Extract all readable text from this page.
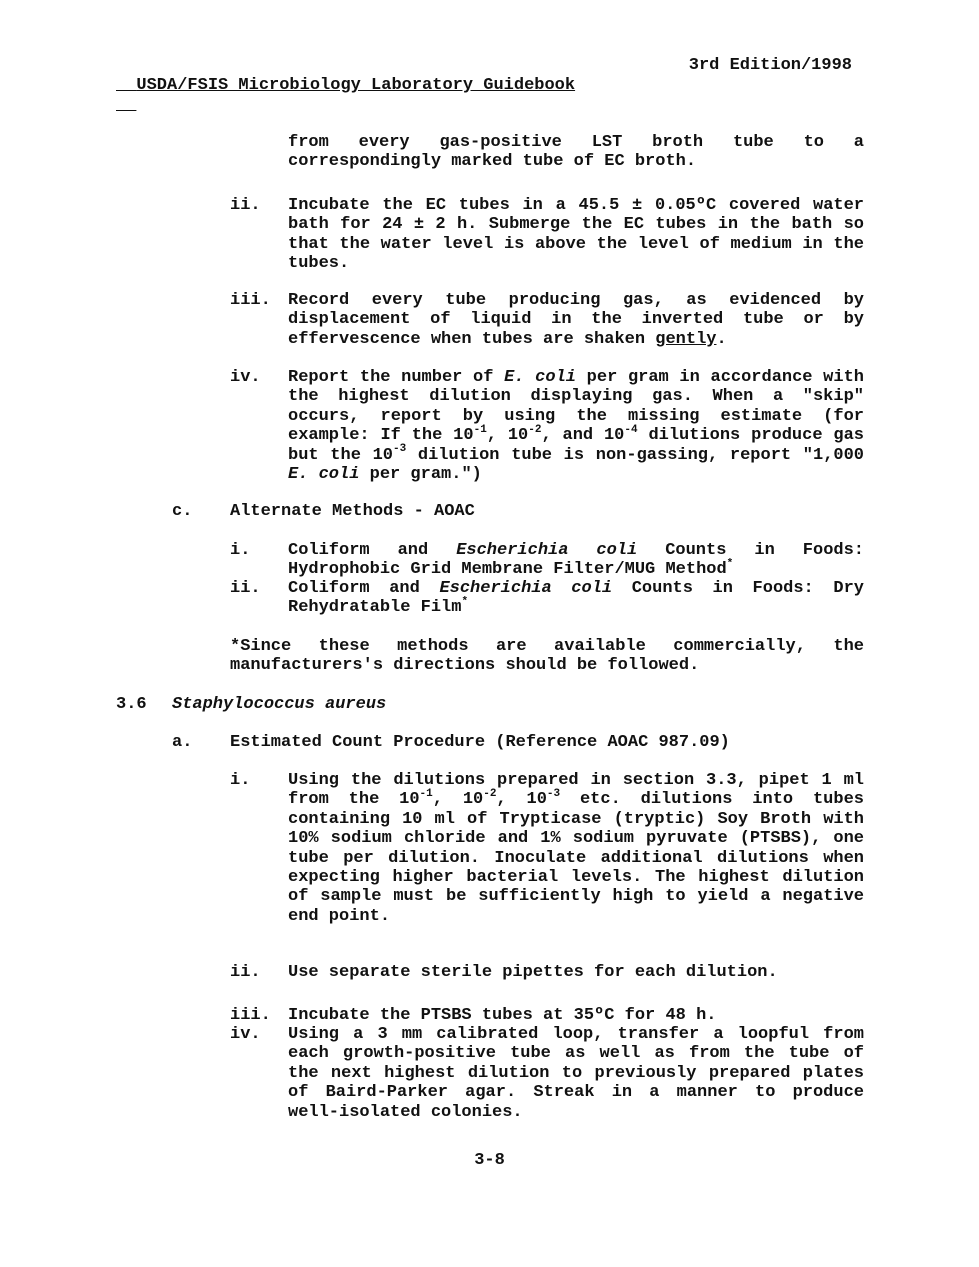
USDA/FSIS Microbiology Laboratory Guidebook

3rd Edition/1998

from every gas-positive LST broth tube to a correspondingly marked tube of EC broth.
ii. Incubate the EC tubes in a 45.5 ± 0.05ºC covered water bath for 24 ± 2 h. Submerge the EC tubes in the bath so that the water level is above the level of medium in the tubes.
iii. Record every tube producing gas, as evidenced by displacement of liquid in the inverted tube or by effervescence when tubes are shaken gently.
iv. Report the number of E. coli per gram in accordance with the highest dilution displaying gas. When a "skip" occurs, report by using the missing estimate (for example: If the $10^{-1}$, $10^{-2}$, and $10^{-4}$ dilutions produce gas but the $10^{-3}$ dilution tube is non-gassing, report "1,000 E. coli per gram.")
c. Alternate Methods - AOAC
i. Coliform and Escherichia coli Counts in Foods: Hydrophobic Grid Membrane Filter/MUG Method*
ii. Coliform and Escherichia coli Counts in Foods: Dry Rehydratable Film*
*Since these methods are available commercially, the manufacturers's directions should be followed.
3.6 Staphylococcus aureus
a. Estimated Count Procedure (Reference AOAC 987.09)
i. Using the dilutions prepared in section 3.3, pipet 1 ml from the $10^{-1}$, $10^{-2}$, $10^{-3}$ etc. dilutions into tubes containing 10 ml of Trypticase (tryptic) Soy Broth with 10% sodium chloride and 1% sodium pyruvate (PTSBS), one tube per dilution. Inoculate additional dilutions when expecting higher bacterial levels. The highest dilution of sample must be sufficiently high to yield a negative end point.
ii. Use separate sterile pipettes for each dilution.
iii. Incubate the PTSBS tubes at 35ºC for 48 h.
iv. Using a 3 mm calibrated loop, transfer a loopful from each growth-positive tube as well as from the tube of the next highest dilution to previously prepared plates of Baird-Parker agar. Streak in a manner to produce well-isolated colonies.
3-8
